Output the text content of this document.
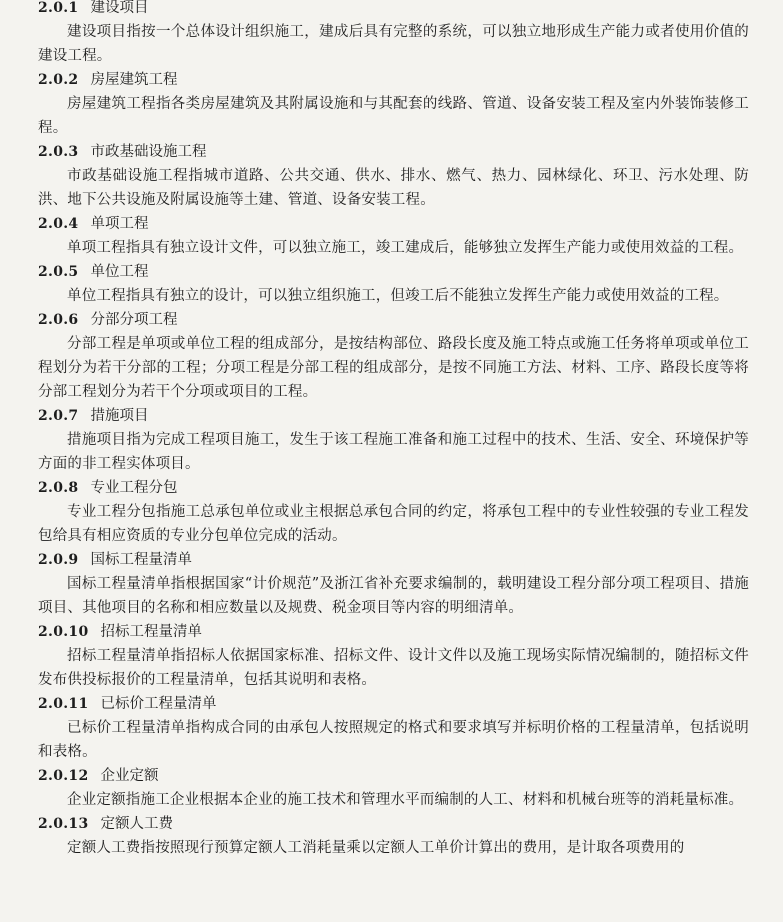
2.0.1 建设项目

建设项目指按一个总体设计组织施工，建成后具有完整的系统，可以独立地形成生产能力或者使用价值的建设工程。

2.0.2 房屋建筑工程

房屋建筑工程指各类房屋建筑及其附属设施和与其配套的线路、管道、设备安装工程及室内外装饰装修工程。

2.0.3 市政基础设施工程

市政基础设施工程指城市道路、公共交通、供水、排水、燃气、热力、园林绿化、环卫、污水处理、防洪、地下公共设施及附属设施等土建、管道、设备安装工程。

2.0.4 单项工程

单项工程指具有独立设计文件，可以独立施工，竣工建成后，能够独立发挥生产能力或使用效益的工程。

2.0.5 单位工程

单位工程指具有独立的设计，可以独立组织施工，但竣工后不能独立发挥生产能力或使用效益的工程。

2.0.6 分部分项工程

分部工程是单项或单位工程的组成部分，是按结构部位、路段长度及施工特点或施工任务将单项或单位工程划分为若干分部的工程；分项工程是分部工程的组成部分，是按不同施工方法、材料、工序、路段长度等将分部工程划分为若干个分项或项目的工程。

2.0.7 措施项目

措施项目指为完成工程项目施工，发生于该工程施工准备和施工过程中的技术、生活、安全、环境保护等方面的非工程实体项目。

2.0.8 专业工程分包

专业工程分包指施工总承包单位或业主根据总承包合同的约定，将承包工程中的专业性较强的专业工程发包给具有相应资质的专业分包单位完成的活动。

2.0.9 国标工程量清单

国标工程量清单指根据国家“计价规范”及浙江省补充要求编制的，载明建设工程分部分项工程项目、措施项目、其他项目的名称和相应数量以及规费、税金项目等内容的明细清单。

2.0.10 招标工程量清单

招标工程量清单指招标人依据国家标准、招标文件、设计文件以及施工现场实际情况编制的，随招标文件发布供投标报价的工程量清单，包括其说明和表格。

2.0.11 已标价工程量清单

已标价工程量清单指构成合同的由承包人按照规定的格式和要求填写并标明价格的工程量清单，包括说明和表格。

2.0.12 企业定额

企业定额指施工企业根据本企业的施工技术和管理水平而编制的人工、材料和机械台班等的消耗量标准。

2.0.13 定额人工费

定额人工费指按照现行预算定额人工消耗量乘以定额人工单价计算出的费用，是计取各项费用的
